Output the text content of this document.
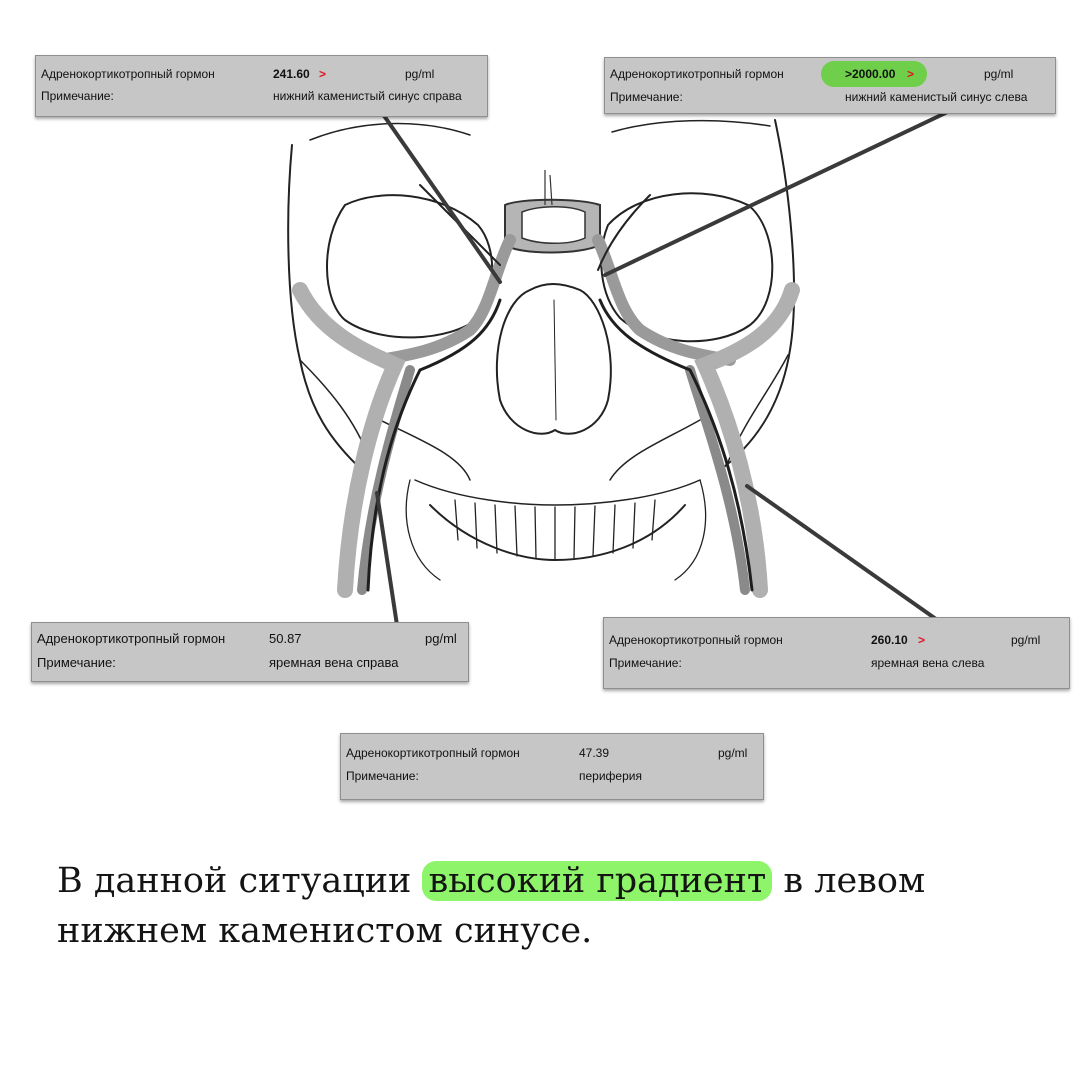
Адренокортикотропный гормон	241.60 >	pg/ml
Примечание:	нижний каменистый синус справа
Адренокортикотропный гормон	>2000.00 >	pg/ml
Примечание:	нижний каменистый синус слева
Адренокортикотропный гормон	50.87	pg/ml
Примечание:	яремная вена справа
Адренокортикотропный гормон	260.10 >	pg/ml
Примечание:	яремная вена слева
Адренокортикотропный гормон	47.39	pg/ml
Примечание:	периферия
В данной ситуации высокий градиент в левом нижнем каменистом синусе.
